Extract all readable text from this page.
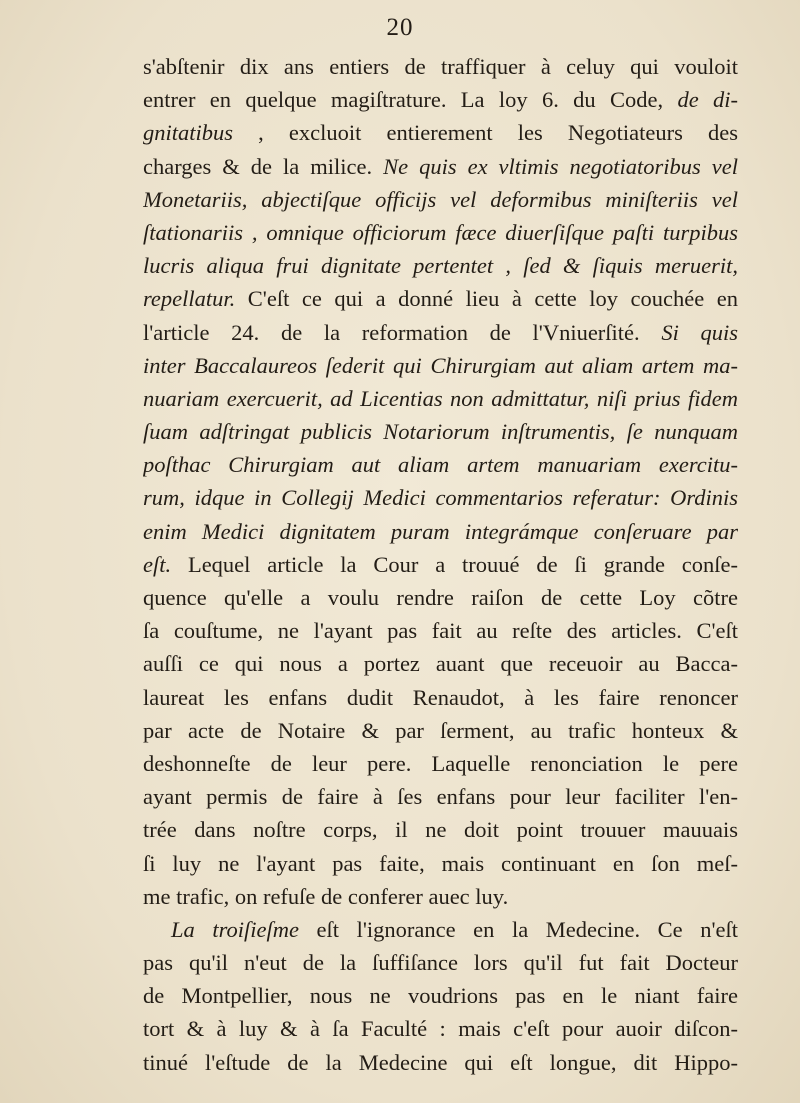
20
s'abſtenir dix ans entiers de traffiquer à celuy qui vouloit
entrer en quelque magiſtrature. La loy 6. du Code, de di-
gnitatibus , excluoit entierement les Negotiateurs des
charges & de la milice. Ne quis ex vltimis negotiatoribus vel
Monetariis, abjectiſque officijs vel deformibus miniſteriis vel
ſtationariis , omnique officiorum fæce diuerſiſque paſti turpibus
lucris aliqua frui dignitate pertentet , ſed & ſiquis meruerit,
repellatur. C'eſt ce qui a donné lieu à cette loy couchée en
l'article 24. de la reformation de l'Vniuerſité. Si quis
inter Baccalaureos ſederit qui Chirurgiam aut aliam artem ma-
nuariam exercuerit, ad Licentias non admittatur, niſi prius fidem
ſuam adſtringat publicis Notariorum inſtrumentis, ſe nunquam
poſthac Chirurgiam aut aliam artem manuariam exercitu-
rum, idque in Collegij Medici commentarios referatur: Ordinis
enim Medici dignitatem puram integrámque conſeruare par
eſt. Lequel article la Cour a trouué de ſi grande conſe-
quence qu'elle a voulu rendre raiſon de cette Loy cõtre
ſa couſtume, ne l'ayant pas fait au reſte des articles. C'eſt
auſſi ce qui nous a portez auant que receuoir au Bacca-
laureat les enfans dudit Renaudot, à les faire renoncer
par acte de Notaire & par ſerment, au trafic honteux &
deshonneſte de leur pere. Laquelle renonciation le pere
ayant permis de faire à ſes enfans pour leur faciliter l'en-
trée dans noſtre corps, il ne doit point trouuer mauuais
ſi luy ne l'ayant pas faite, mais continuant en ſon meſ-
me trafic, on refuſe de conferer auec luy.
La troiſieſme eſt l'ignorance en la Medecine. Ce n'eſt
pas qu'il n'eut de la ſuffiſance lors qu'il fut fait Docteur
de Montpellier, nous ne voudrions pas en le niant faire
tort & à luy & à ſa Faculté : mais c'eſt pour auoir diſcon-
tinué l'eſtude de la Medecine qui eſt longue, dit Hippo-
